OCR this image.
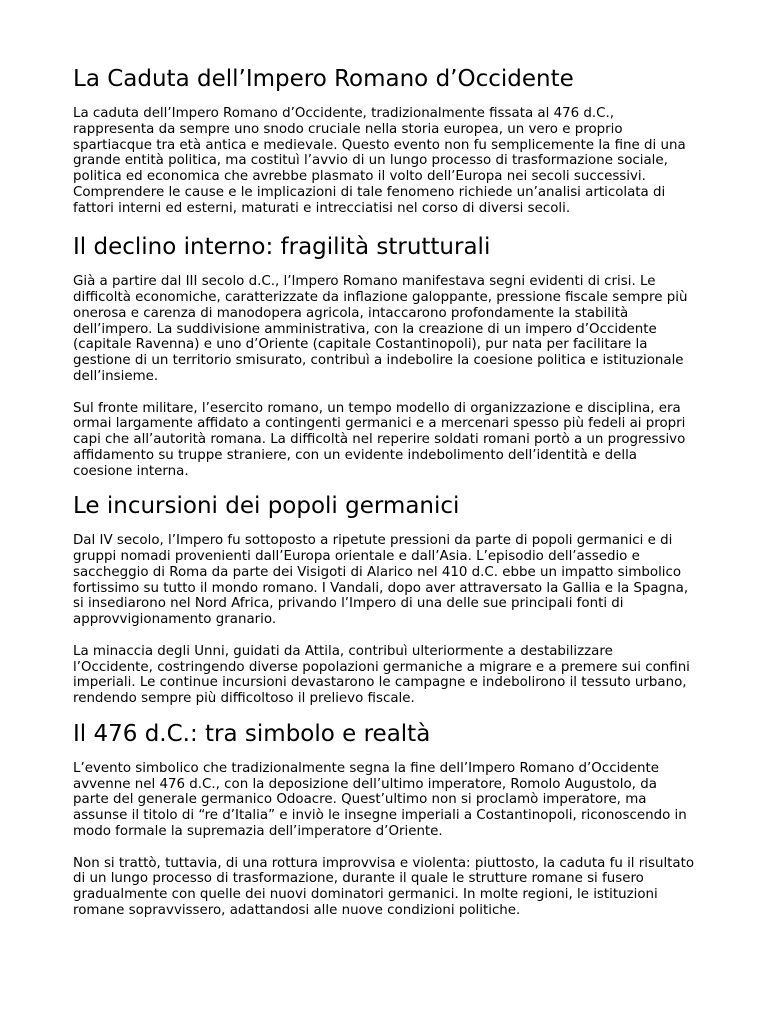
La Caduta dell’Impero Romano d’Occidente

La caduta dell’Impero Romano d’Occidente, tradizionalmente fissata al 476 d.C., rappresenta da sempre uno snodo cruciale nella storia europea, un vero e proprio spartiacque tra età antica e medievale. Questo evento non fu semplicemente la fine di una grande entità politica, ma costituì l’avvio di un lungo processo di trasformazione sociale, politica ed economica che avrebbe plasmato il volto dell’Europa nei secoli successivi. Comprendere le cause e le implicazioni di tale fenomeno richiede un’analisi articolata di fattori interni ed esterni, maturati e intrecciatisi nel corso di diversi secoli.

Il declino interno: fragilità strutturali

Già a partire dal III secolo d.C., l’Impero Romano manifestava segni evidenti di crisi. Le difficoltà economiche, caratterizzate da inflazione galoppante, pressione fiscale sempre più onerosa e carenza di manodopera agricola, intaccarono profondamente la stabilità dell’impero. La suddivisione amministrativa, con la creazione di un impero d’Occidente (capitale Ravenna) e uno d’Oriente (capitale Costantinopoli), pur nata per facilitare la gestione di un territorio smisurato, contribuì a indebolire la coesione politica e istituzionale dell’insieme.

Sul fronte militare, l’esercito romano, un tempo modello di organizzazione e disciplina, era ormai largamente affidato a contingenti germanici e a mercenari spesso più fedeli ai propri capi che all’autorità romana. La difficoltà nel reperire soldati romani portò a un progressivo affidamento su truppe straniere, con un evidente indebolimento dell’identità e della coesione interna.

Le incursioni dei popoli germanici

Dal IV secolo, l’Impero fu sottoposto a ripetute pressioni da parte di popoli germanici e di gruppi nomadi provenienti dall’Europa orientale e dall’Asia. L’episodio dell’assedio e saccheggio di Roma da parte dei Visigoti di Alarico nel 410 d.C. ebbe un impatto simbolico fortissimo su tutto il mondo romano. I Vandali, dopo aver attraversato la Gallia e la Spagna, si insediarono nel Nord Africa, privando l’Impero di una delle sue principali fonti di approvvigionamento granario.

La minaccia degli Unni, guidati da Attila, contribuì ulteriormente a destabilizzare l’Occidente, costringendo diverse popolazioni germaniche a migrare e a premere sui confini imperiali. Le continue incursioni devastarono le campagne e indebolirono il tessuto urbano, rendendo sempre più difficoltoso il prelievo fiscale.

Il 476 d.C.: tra simbolo e realtà

L’evento simbolico che tradizionalmente segna la fine dell’Impero Romano d’Occidente avvenne nel 476 d.C., con la deposizione dell’ultimo imperatore, Romolo Augustolo, da parte del generale germanico Odoacre. Quest’ultimo non si proclamò imperatore, ma assunse il titolo di “re d’Italia” e inviò le insegne imperiali a Costantinopoli, riconoscendo in modo formale la supremazia dell’imperatore d’Oriente.

Non si trattò, tuttavia, di una rottura improvvisa e violenta: piuttosto, la caduta fu il risultato di un lungo processo di trasformazione, durante il quale le strutture romane si fusero gradualmente con quelle dei nuovi dominatori germanici. In molte regioni, le istituzioni romane sopravvissero, adattandosi alle nuove condizioni politiche.
